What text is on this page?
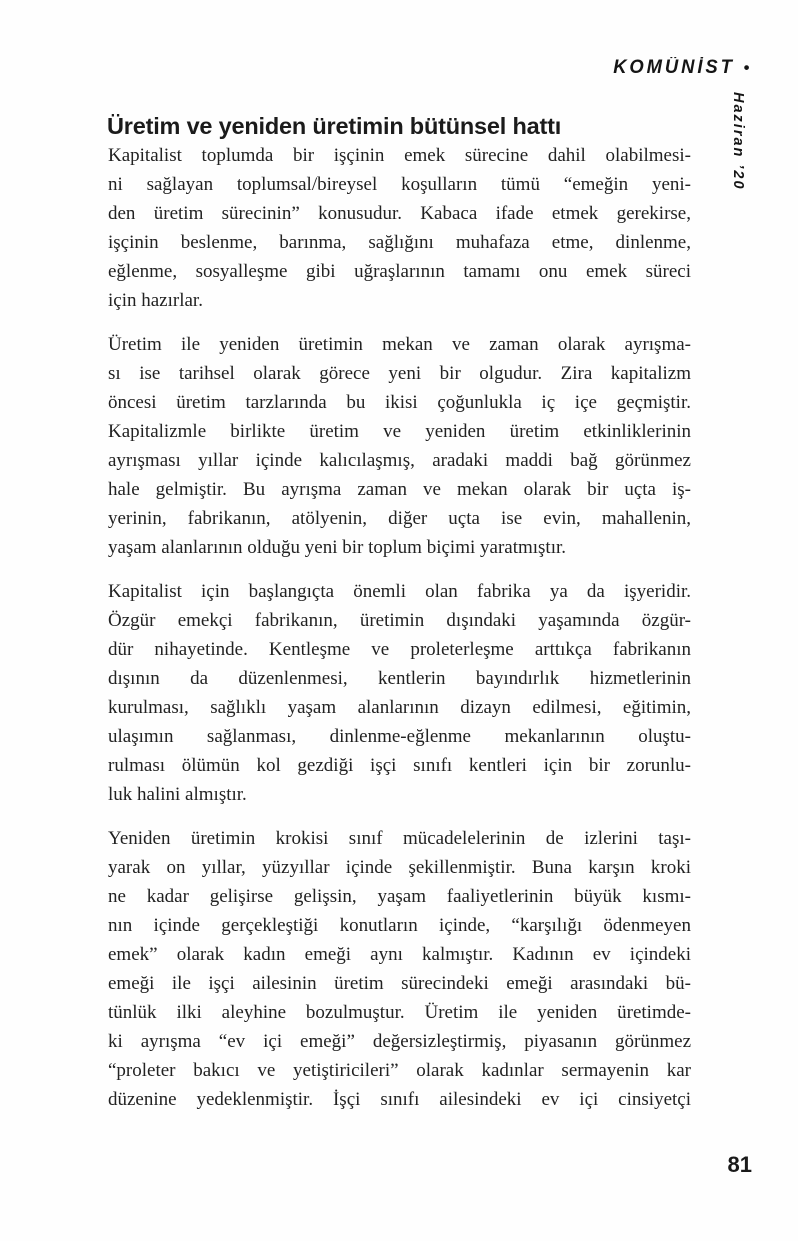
KOMÜNİST •
Haziran ’20
Üretim ve yeniden üretimin bütünsel hattı
Kapitalist toplumda bir işçinin emek sürecine dahil olabilmesi-
ni sağlayan toplumsal/bireysel koşulların tümü “emeğin yeni-
den üretim sürecinin” konusudur. Kabaca ifade etmek gerekirse,
işçinin beslenme, barınma, sağlığını muhafaza etme, dinlenme,
eğlenme, sosyalleşme gibi uğraşlarının tamamı onu emek süreci
için hazırlar.
Üretim ile yeniden üretimin mekan ve zaman olarak ayrışma-
sı ise tarihsel olarak görece yeni bir olgudur. Zira kapitalizm
öncesi üretim tarzlarında bu ikisi çoğunlukla iç içe geçmiştir.
Kapitalizmle birlikte üretim ve yeniden üretim etkinliklerinin
ayrışması yıllar içinde kalıcılaşmış, aradaki maddi bağ görünmez
hale gelmiştir. Bu ayrışma zaman ve mekan olarak bir uçta iş-
yerinin, fabrikanın, atölyenin, diğer uçta ise evin, mahallenin,
yaşam alanlarının olduğu yeni bir toplum biçimi yaratmıştır.
Kapitalist için başlangıçta önemli olan fabrika ya da işyeridir.
Özgür emekçi fabrikanın, üretimin dışındaki yaşamında özgür-
dür nihayetinde. Kentleşme ve proleterleşme arttıkça fabrikanın
dışının da düzenlenmesi, kentlerin bayındırlık hizmetlerinin
kurulması, sağlıklı yaşam alanlarının dizayn edilmesi, eğitimin,
ulaşımın sağlanması, dinlenme-eğlenme mekanlarının oluştu-
rulması ölümün kol gezdiği işçi sınıfı kentleri için bir zorunlu-
luk halini almıştır.
Yeniden üretimin krokisi sınıf mücadelelerinin de izlerini taşı-
yarak on yıllar, yüzyıllar içinde şekillenmiştir. Buna karşın kroki
ne kadar gelişirse gelişsin, yaşam faaliyetlerinin büyük kısmı-
nın içinde gerçekleştiği konutların içinde, “karşılığı ödenmeyen
emek” olarak kadın emeği aynı kalmıştır. Kadının ev içindeki
emeği ile işçi ailesinin üretim sürecindeki emeği arasındaki bü-
tünlük ilki aleyhine bozulmuştur. Üretim ile yeniden üretimde-
ki ayrışma “ev içi emeği” değersizleştirmiş, piyasanın görünmez
“proleter bakıcı ve yetiştiricileri” olarak kadınlar sermayenin kar
düzenine yedeklenmiştir. İşçi sınıfı ailesindeki ev içi cinsiyetçi
81
